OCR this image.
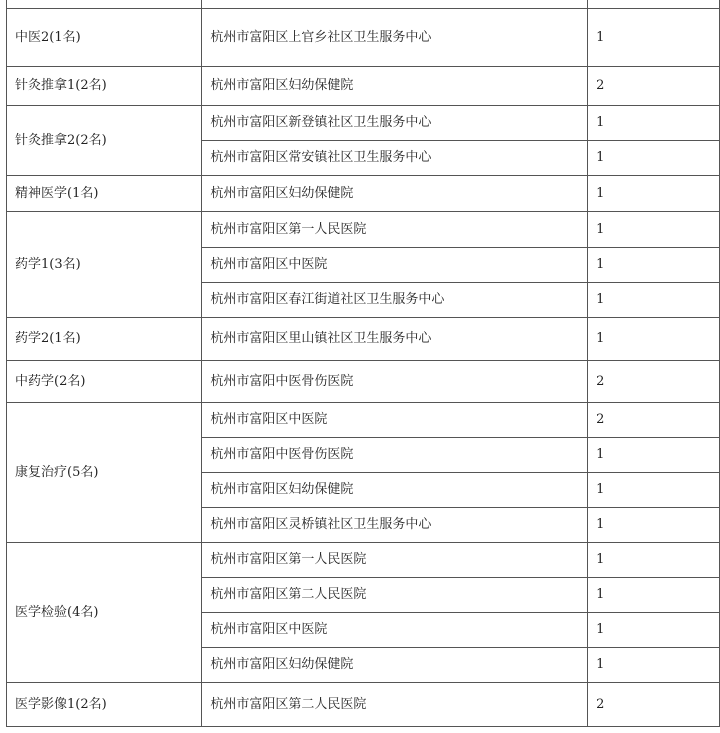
中医2(1名)	杭州市富阳区上官乡社区卫生服务中心	1
针灸推拿1(2名)	杭州市富阳区妇幼保健院	2
针灸推拿2(2名)	杭州市富阳区新登镇社区卫生服务中心	1
	杭州市富阳区常安镇社区卫生服务中心	1
精神医学(1名)	杭州市富阳区妇幼保健院	1
药学1(3名)	杭州市富阳区第一人民医院	1
	杭州市富阳区中医院	1
	杭州市富阳区春江街道社区卫生服务中心	1
药学2(1名)	杭州市富阳区里山镇社区卫生服务中心	1
中药学(2名)	杭州市富阳中医骨伤医院	2
康复治疗(5名)	杭州市富阳区中医院	2
	杭州市富阳中医骨伤医院	1
	杭州市富阳区妇幼保健院	1
	杭州市富阳区灵桥镇社区卫生服务中心	1
医学检验(4名)	杭州市富阳区第一人民医院	1
	杭州市富阳区第二人民医院	1
	杭州市富阳区中医院	1
	杭州市富阳区妇幼保健院	1
医学影像1(2名)	杭州市富阳区第二人民医院	2
